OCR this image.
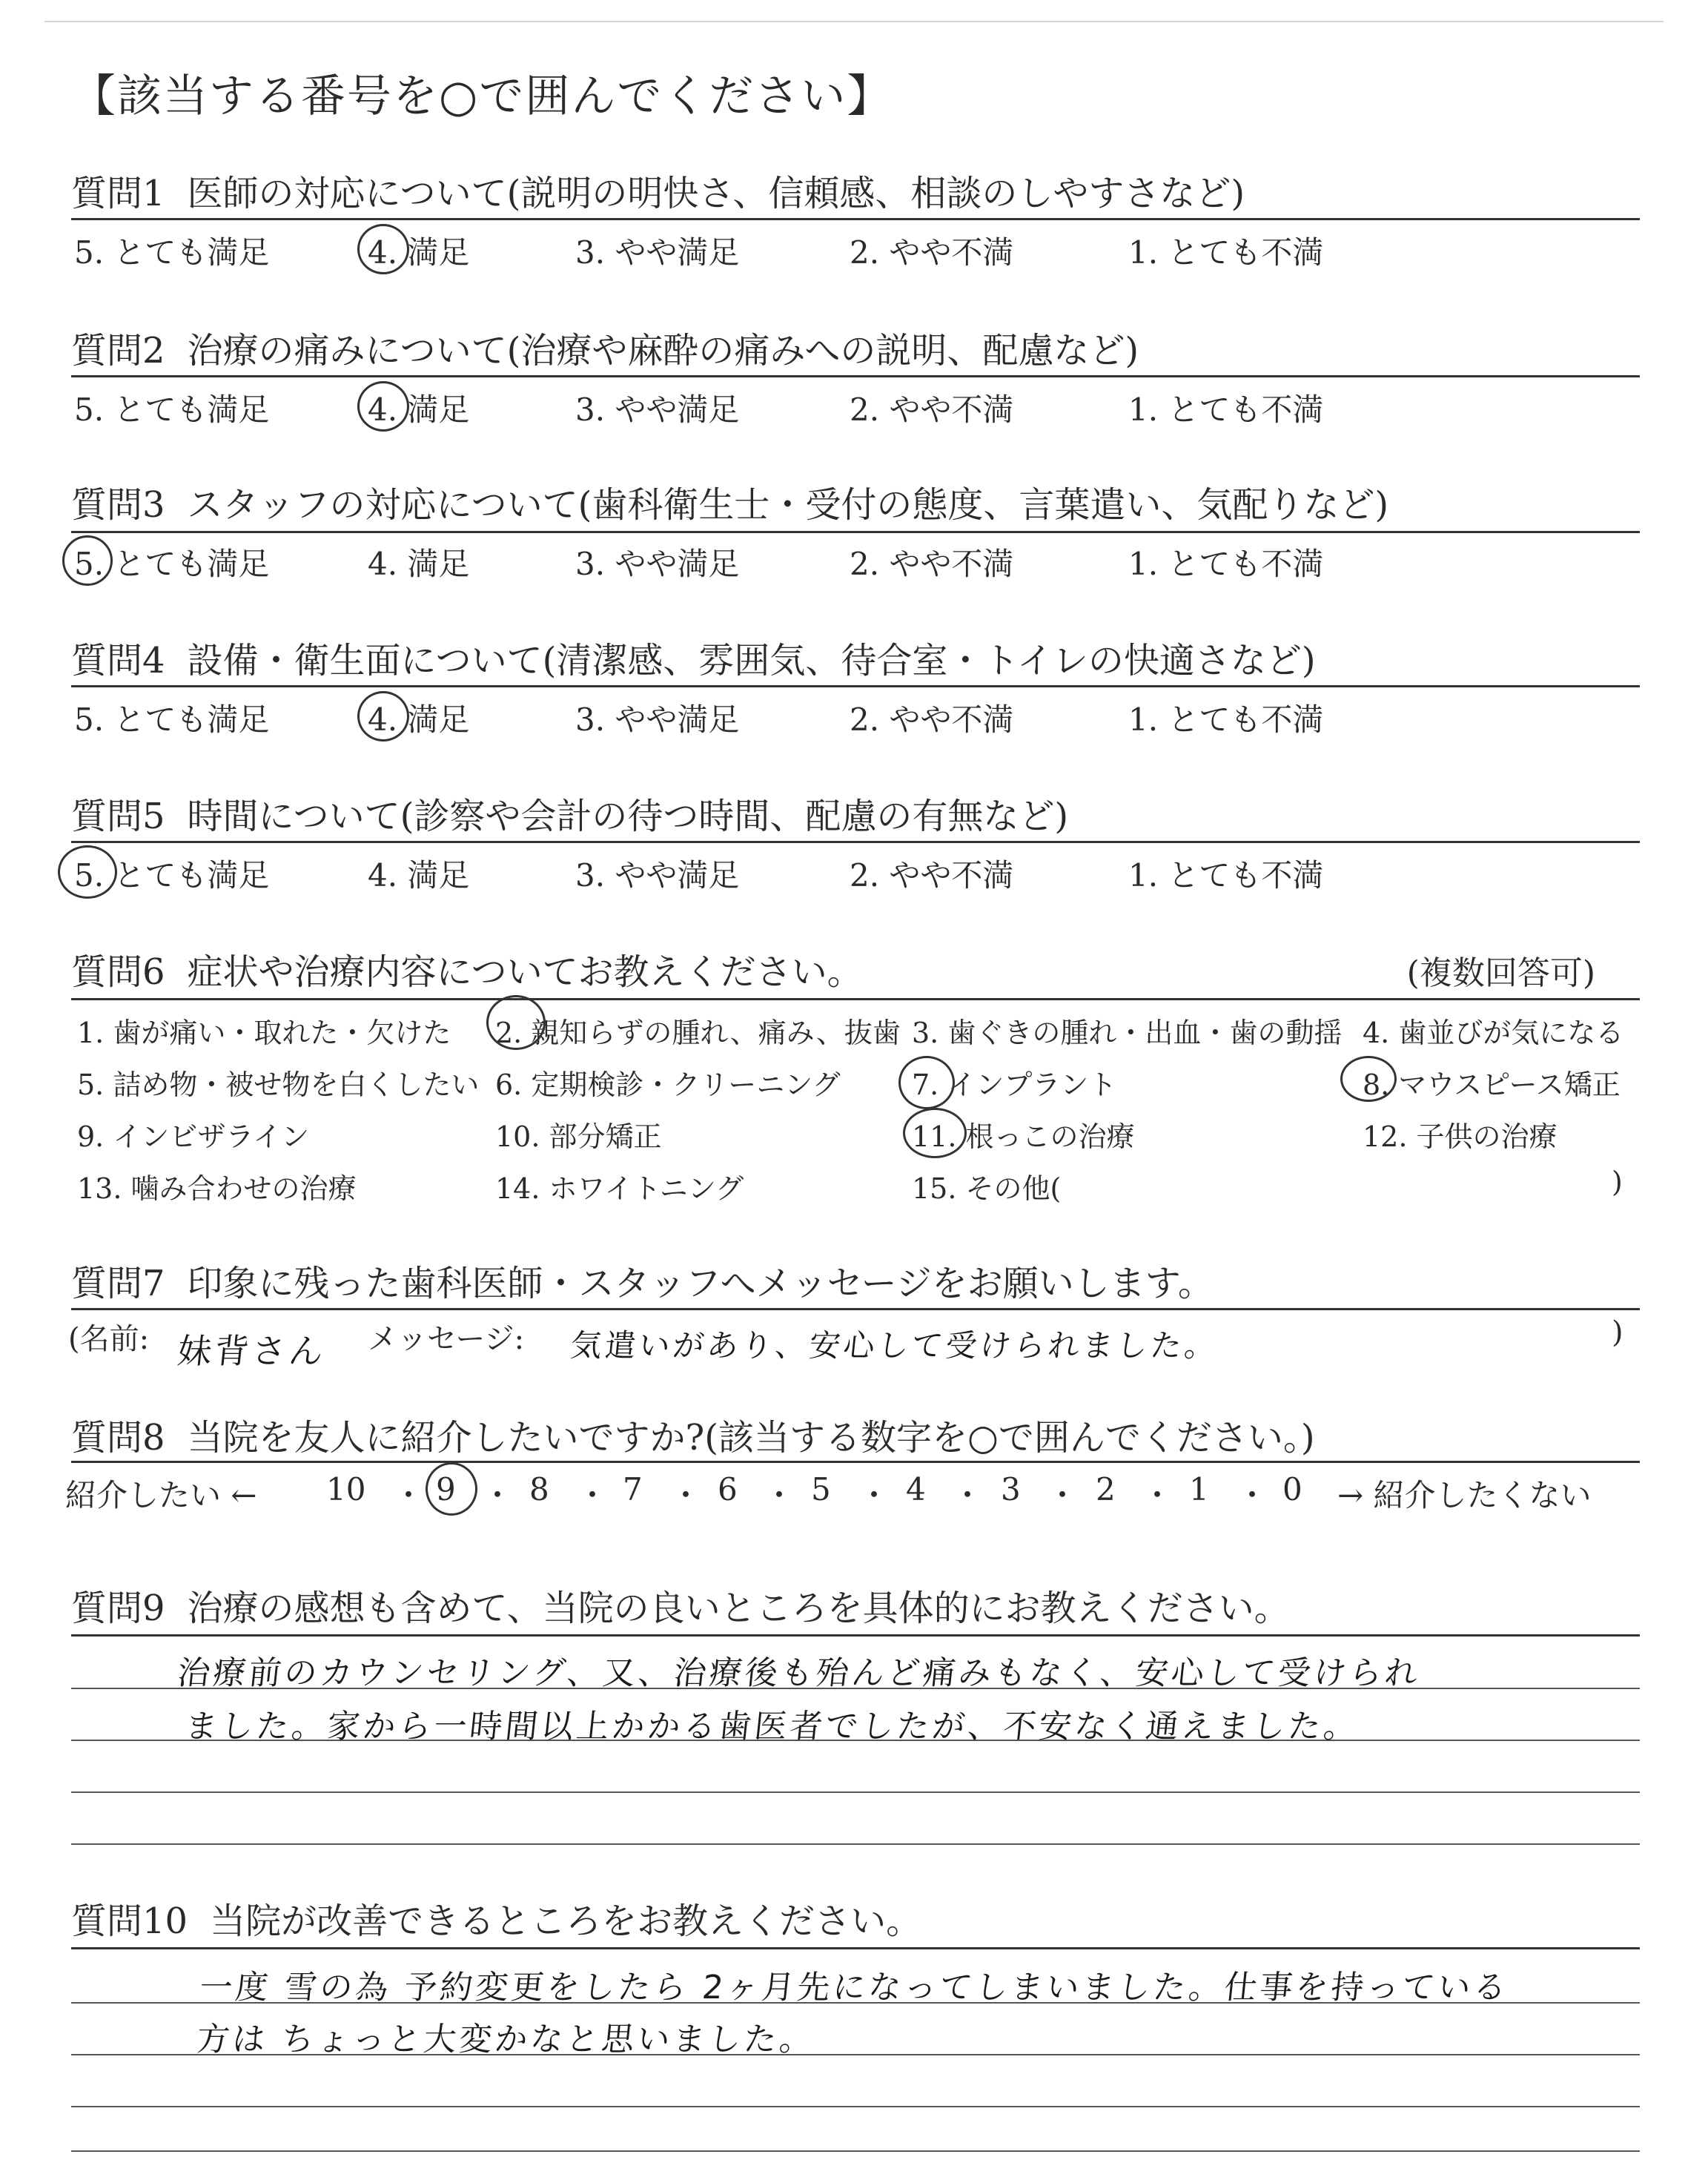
【該当する番号を○で囲んでください】
質問1 医師の対応について(説明の明快さ、信頼感、相談のしやすさなど)
5. とても満足	4. 満足	3. やや満足	2. やや不満	1. とても不満
質問2 治療の痛みについて(治療や麻酔の痛みへの説明、配慮など)
5. とても満足	4. 満足	3. やや満足	2. やや不満	1. とても不満
質問3 スタッフの対応について(歯科衛生士・受付の態度、言葉遣い、気配りなど)
5. とても満足	4. 満足	3. やや満足	2. やや不満	1. とても不満
質問4 設備・衛生面について(清潔感、雰囲気、待合室・トイレの快適さなど)
5. とても満足	4. 満足	3. やや満足	2. やや不満	1. とても不満
質問5 時間について(診察や会計の待つ時間、配慮の有無など)
5. とても満足	4. 満足	3. やや満足	2. やや不満	1. とても不満
質問6 症状や治療内容についてお教えください。	(複数回答可)
1. 歯が痛い・取れた・欠けた 2. 親知らずの腫れ、痛み、抜歯 3. 歯ぐきの腫れ・出血・歯の動揺 4. 歯並びが気になる
5. 詰め物・被せ物を白くしたい 6. 定期検診・クリーニング	7. インプラント	8. マウスピース矯正
9. インビザライン	10. 部分矯正	11. 根っこの治療	12. 子供の治療
13. 噛み合わせの治療	14. ホワイトニング	15. その他(	)
質問7 印象に残った歯科医師・スタッフへメッセージをお願いします。
(名前: 妹背さん メッセージ: 気遣いがあり、安心して受けられました。	)
質問8 当院を友人に紹介したいですか?(該当する数字を○で囲んでください。)
紹介したい ← 10 ・ 9 ・ 8 ・ 7 ・ 6 ・ 5 ・ 4 ・ 3 ・ 2 ・ 1 ・ 0 → 紹介したくない
質問9 治療の感想も含めて、当院の良いところを具体的にお教えください。
治療前のカウンセリング、又、治療後も殆んど痛みもなく、安心して受けられ
ました。家から一時間以上かかる歯医者でしたが、不安なく通えました。
質問10 当院が改善できるところをお教えください。
一度 雪の為 予約変更をしたら 2ヶ月先になってしまいました。仕事を持っている
方は ちょっと大変かなと思いました。
